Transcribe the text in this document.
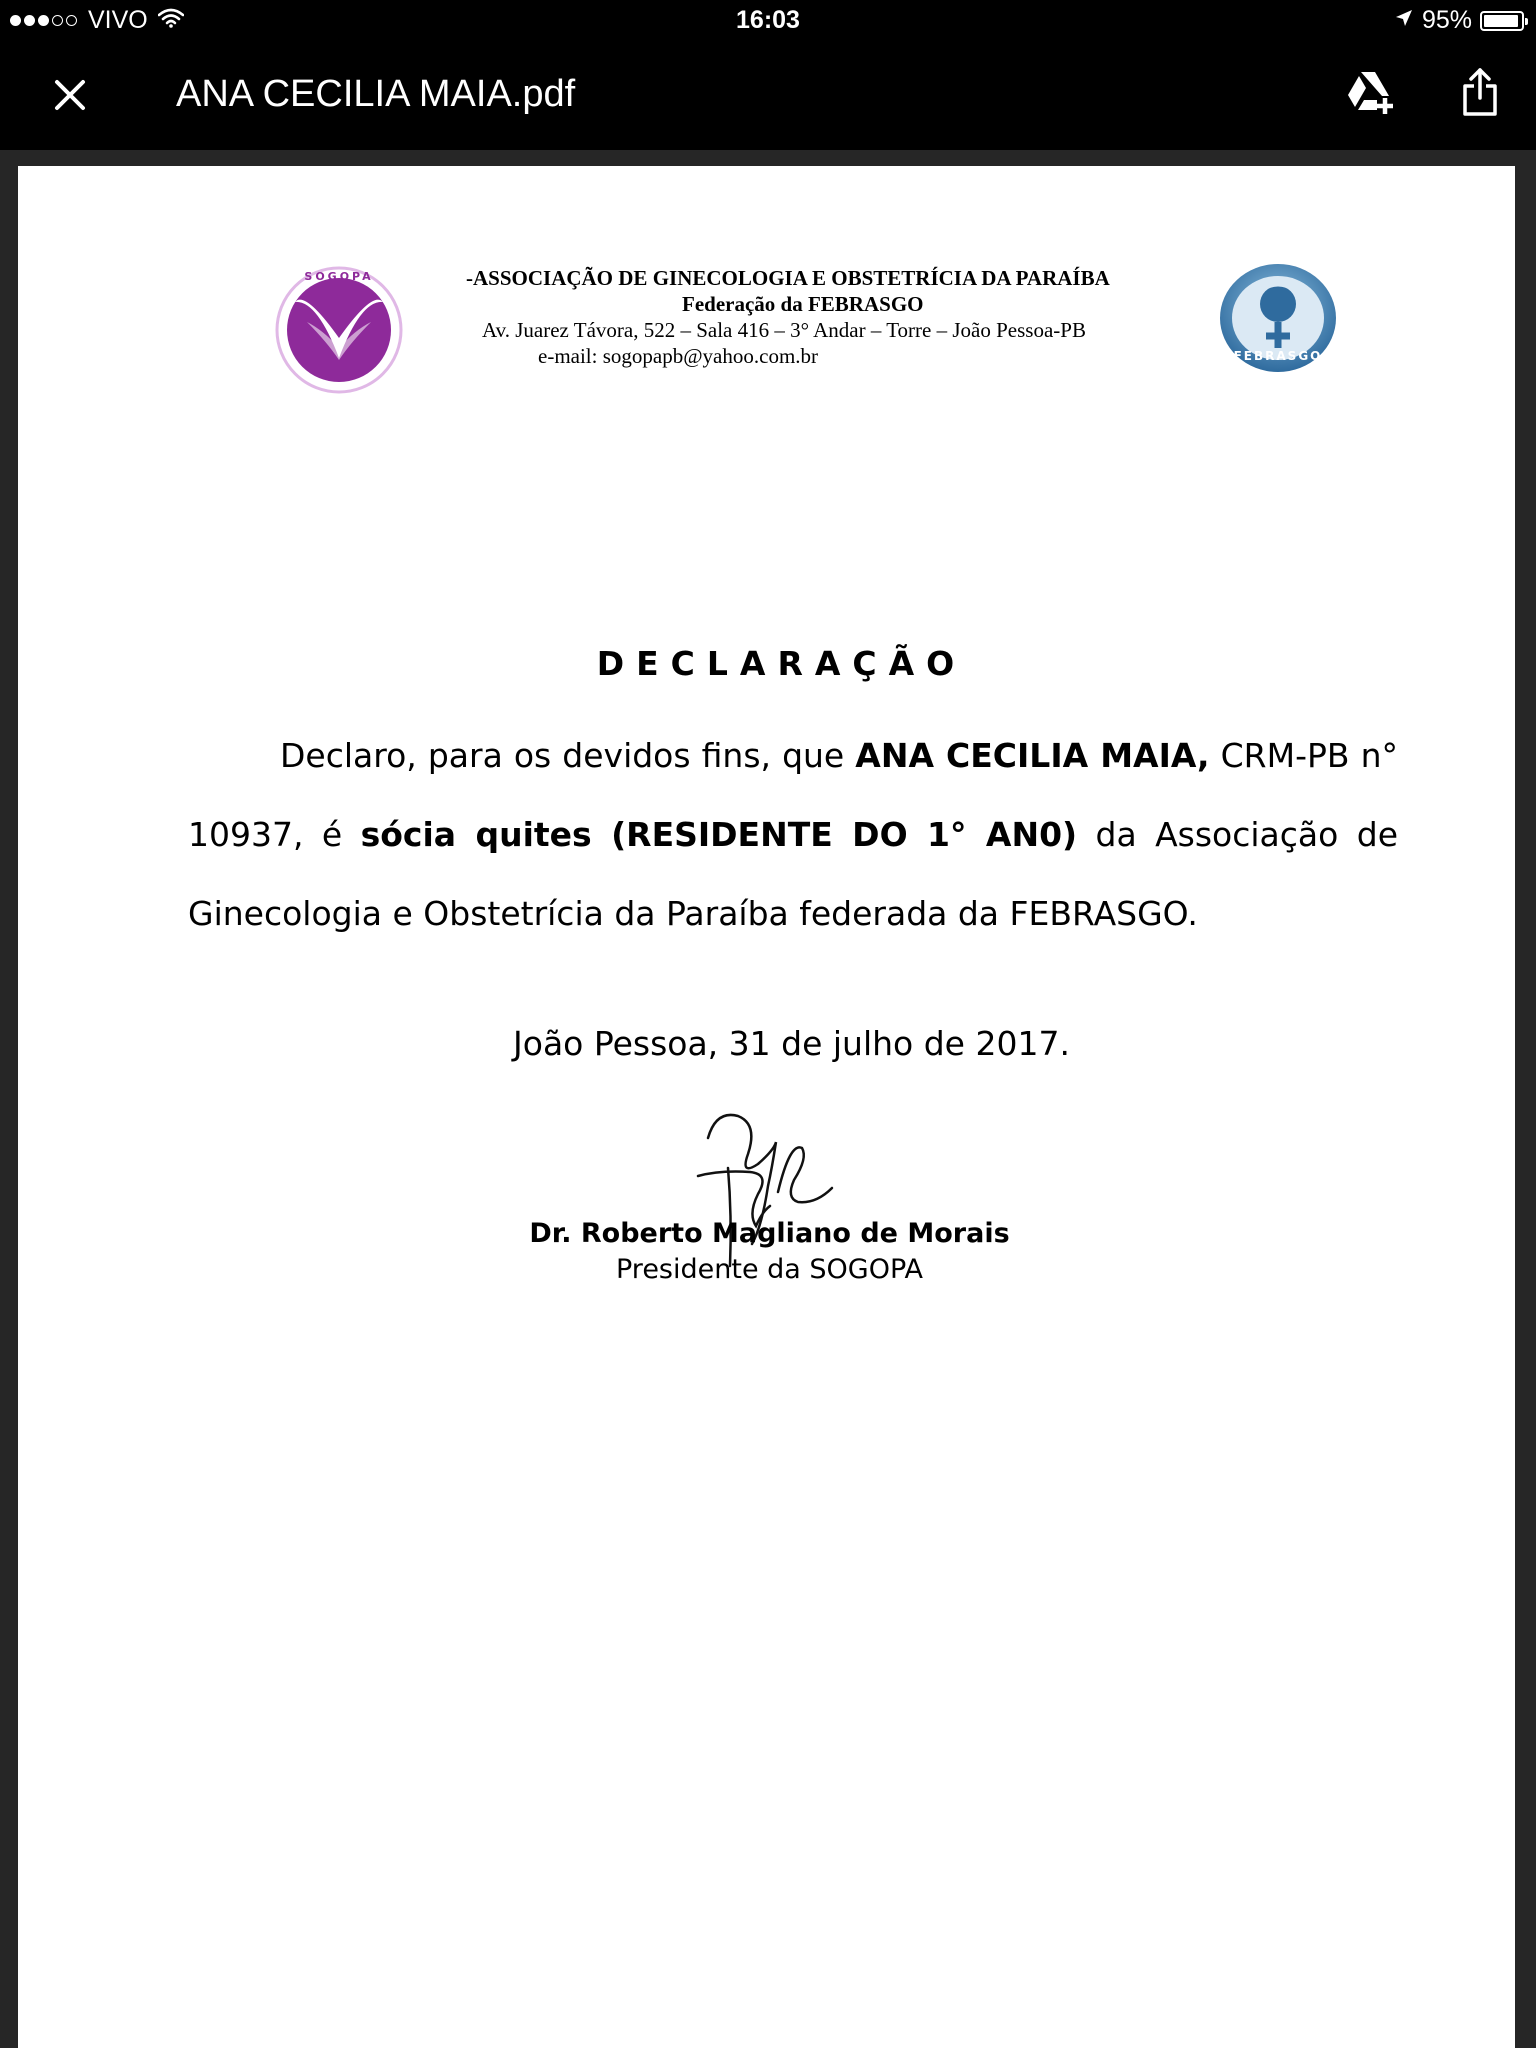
VIVO	16:03	95%
ANA CECILIA MAIA.pdf
SOGOPA	-ASSOCIAÇÃO DE GINECOLOGIA E OBSTETRÍCIA DA PARAÍBA
Federação da FEBRASGO
Av. Juarez Távora, 522 – Sala 416 – 3° Andar – Torre – João Pessoa-PB
e-mail: sogopapb@yahoo.com.br	FEBRASGO
DECLARAÇÃO

Declaro, para os devidos fins, que ANA CECILIA MAIA, CRM-PB n° 10937, é sócia quites (RESIDENTE DO 1° AN0) da Associação de Ginecologia e Obstetrícia da Paraíba federada da FEBRASGO.

João Pessoa, 31 de julho de 2017.
Dr. Roberto Magliano de Morais
Presidente da SOGOPA
